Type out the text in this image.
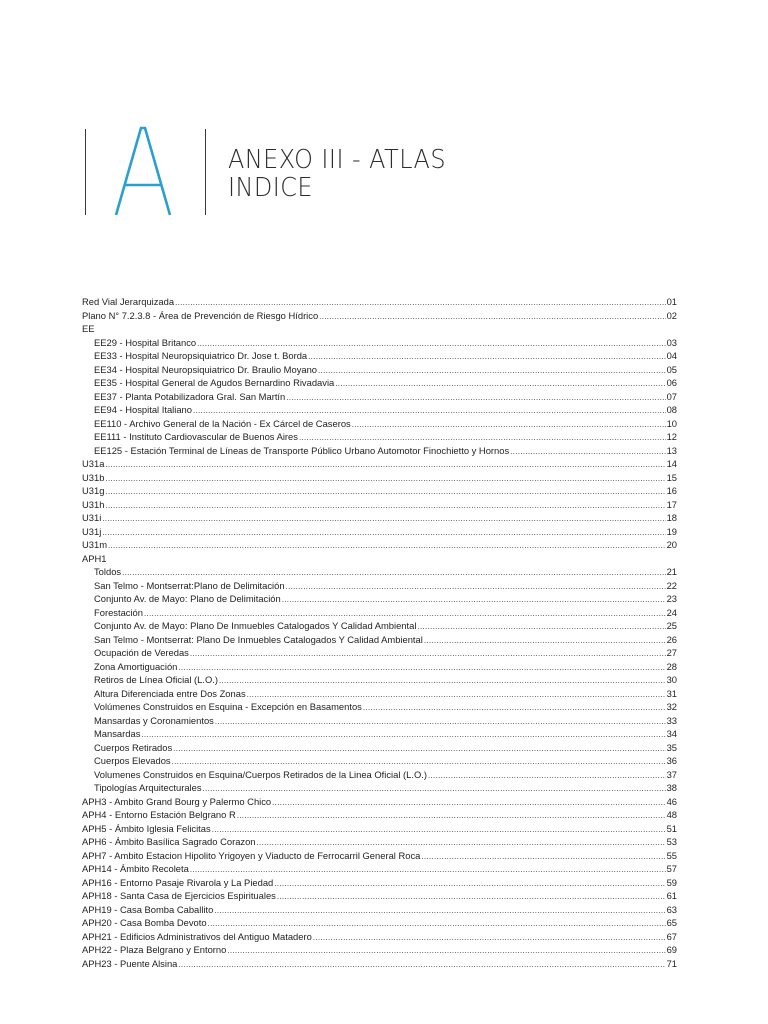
A
ANEXO III - ATLAS
INDICE
Red Vial Jerarquizada .....	01
Plano N° 7.2.3.8 - Área de Prevención de Riesgo Hídrico .....	02
EE
EE29 - Hospital Britanco .....	03
EE33 - Hospital Neuropsiquiatrico Dr. Jose t. Borda .....	04
EE34 - Hospital Neuropsiquiatrico Dr. Braulio Moyano .....	05
EE35 - Hospital General de Agudos Bernardino Rivadavia .....	06
EE37 - Planta Potabilizadora Gral. San Martín .....	07
EE94 - Hospital Italiano .....	08
EE110 - Archivo General de la Nación - Ex Cárcel de Caseros .....	10
EE111 - Instituto Cardiovascular de Buenos Aires .....	12
EE125 - Estación Terminal de Líneas de Transporte Público Urbano Automotor Finochietto y Hornos .....	13
U31a .....	14
U31b .....	15
U31g .....	16
U31h .....	17
U31i .....	18
U31j .....	19
U31m .....	20
APH1
Toldos .....	21
San Telmo - Montserrat:Plano de Delimitación .....	22
Conjunto Av. de Mayo: Plano de Delimitación .....	23
Forestación .....	24
Conjunto Av. de Mayo: Plano De Inmuebles Catalogados Y Calidad Ambiental .....	25
San Telmo - Montserrat: Plano De Inmuebles Catalogados Y Calidad Ambiental .....	26
Ocupación de Veredas .....	27
Zona Amortiguación .....	28
Retiros de Línea Oficial (L.O.) .....	30
Altura Diferenciada entre Dos Zonas .....	31
Volúmenes Construidos en Esquina - Excepción en Basamentos .....	32
Mansardas y Coronamientos .....	33
Mansardas .....	34
Cuerpos Retirados .....	35
Cuerpos Elevados .....	36
Volumenes Construidos en Esquina/Cuerpos Retirados de la Linea Oficial (L.O.) .....	37
Tipologías Arquitecturales .....	38
APH3 - Ambito Grand Bourg y Palermo Chico .....	46
APH4 - Entorno Estación Belgrano R .....	48
APH5 - Ámbito Iglesia Felicitas .....	51
APH6 - Ámbito Basílica Sagrado Corazon .....	53
APH7 - Ambito Estacion Hipolito Yrigoyen y Viaducto de Ferrocarril General Roca .....	55
APH14 - Ámbito Recoleta .....	57
APH16 - Entorno Pasaje Rivarola y La Piedad .....	59
APH18 - Santa Casa de Ejercicios Espirituales .....	61
APH19 - Casa Bomba Caballito .....	63
APH20 - Casa Bomba Devoto .....	65
APH21 - Edificios Administrativos del Antiguo Matadero .....	67
APH22 - Plaza Belgrano y Entorno .....	69
APH23 - Puente Alsina .....	71
